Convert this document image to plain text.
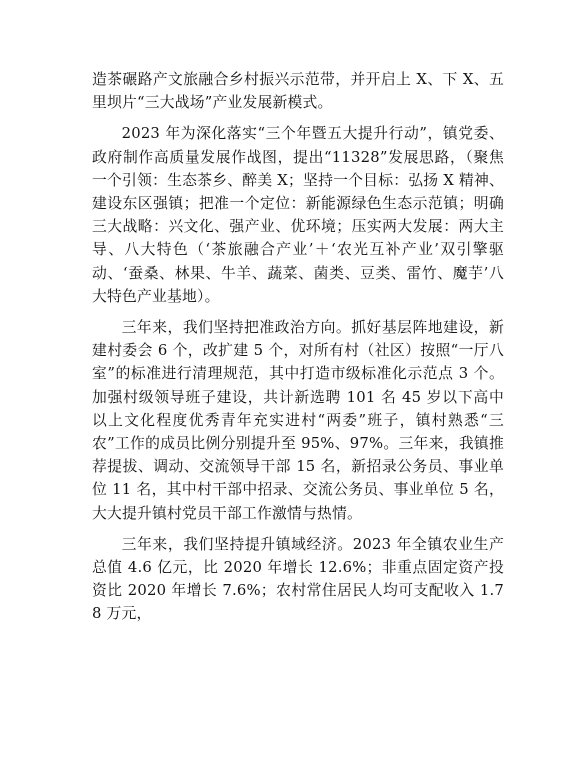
造茶碾路产文旅融合乡村振兴示范带，并开启上 X、下 X、五里坝片“三大战场”产业发展新模式。

2023 年为深化落实“三个年暨五大提升行动”，镇党委、政府制作高质量发展作战图，提出“11328”发展思路，（聚焦一个引领：生态茶乡、醉美 X；坚持一个目标：弘扬 X 精神、建设东区强镇；把准一个定位：新能源绿色生态示范镇；明确三大战略：兴文化、强产业、优环境；压实两大发展：两大主导、八大特色（‘茶旅融合产业’＋‘农光互补产业’双引擎驱动、‘蚕桑、林果、牛羊、蔬菜、菌类、豆类、雷竹、魔芋’八大特色产业基地）。

三年来，我们坚持把准政治方向。抓好基层阵地建设，新建村委会 6 个，改扩建 5 个，对所有村（社区）按照“一厅八室”的标准进行清理规范，其中打造市级标准化示范点 3 个。加强村级领导班子建设，共计新选聘 101 名 45 岁以下高中以上文化程度优秀青年充实进村“两委”班子，镇村熟悉“三农”工作的成员比例分别提升至 95%、97%。三年来，我镇推荐提拔、调动、交流领导干部 15 名，新招录公务员、事业单位 11 名，其中村干部中招录、交流公务员、事业单位 5 名，大大提升镇村党员干部工作激情与热情。

三年来，我们坚持提升镇域经济。2023 年全镇农业生产总值 4.6 亿元，比 2020 年增长 12.6%；非重点固定资产投资比 2020 年增长 7.6%；农村常住居民人均可支配收入 1.78 万元，
